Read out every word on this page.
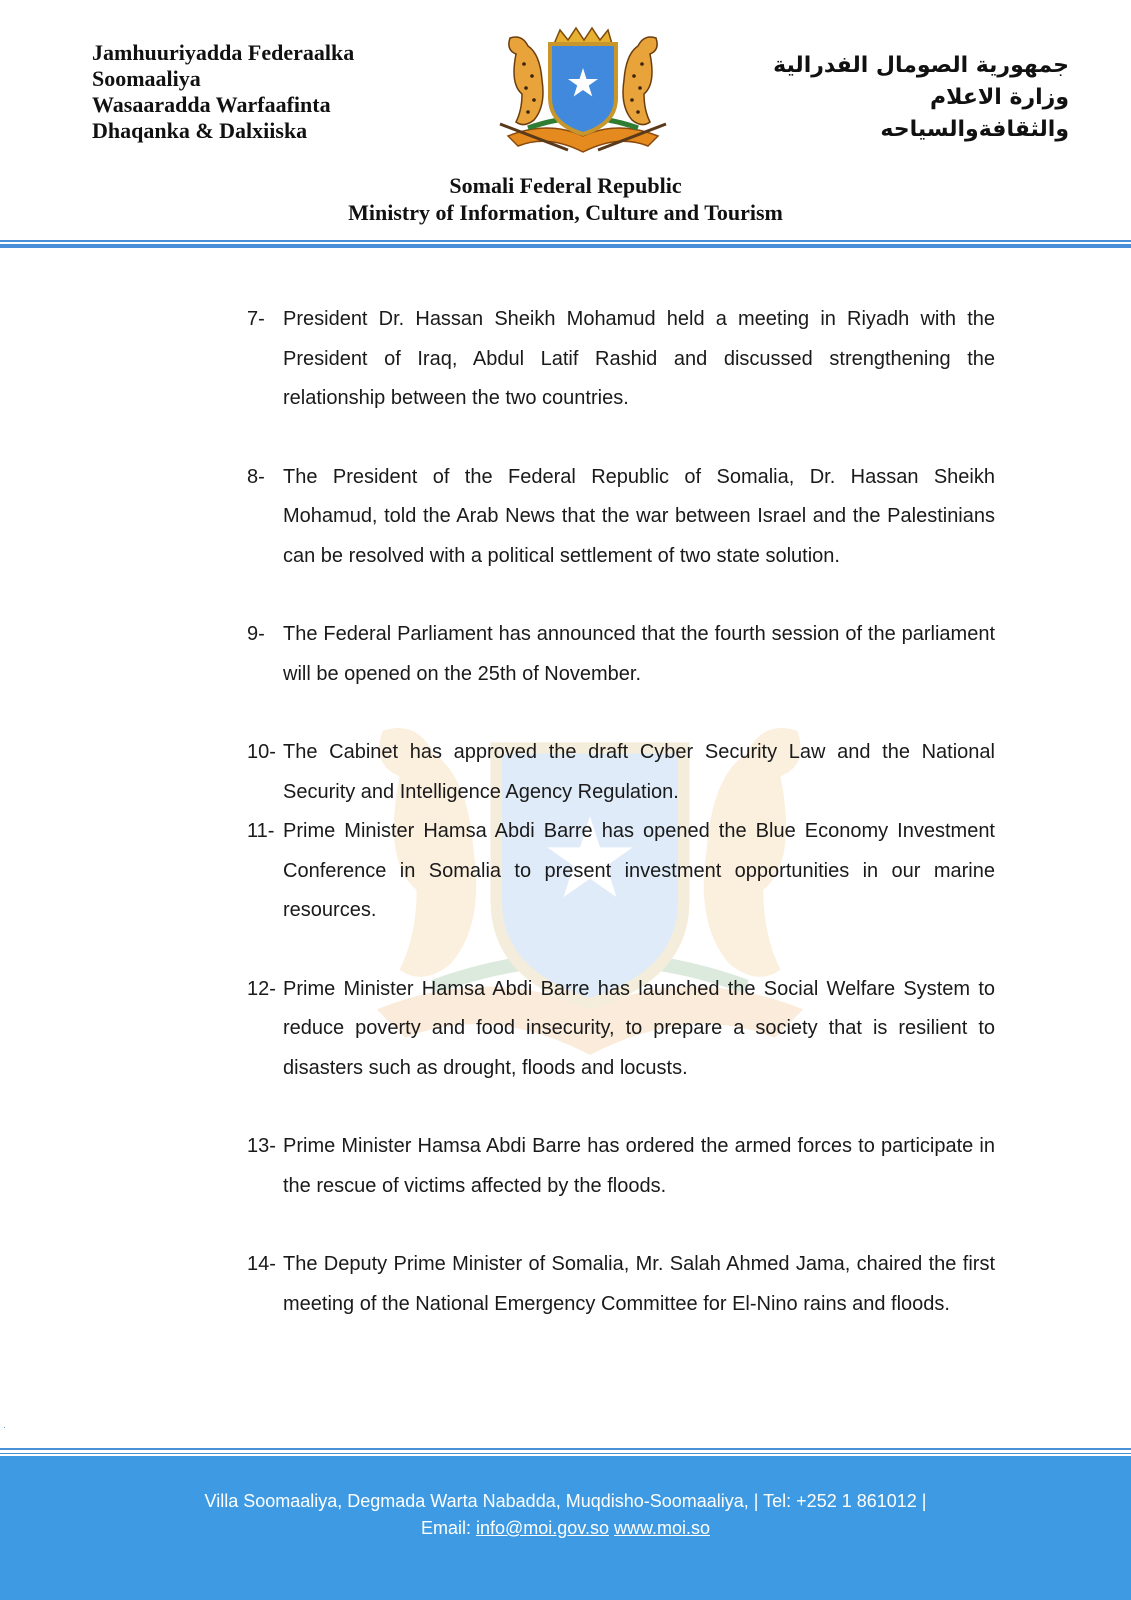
Jamhuuriyadda Federaalka
Soomaaliya
Wasaaradda Warfaafinta
Dhaqanka & Dalxiiska
جمهورية الصومال الفدرالية
وزارة الاعلام
والثقافةوالسياحه
Somali Federal Republic
Ministry of Information, Culture and Tourism
7- President Dr. Hassan Sheikh Mohamud held a meeting in Riyadh with the President of Iraq, Abdul Latif Rashid and discussed strengthening the relationship between the two countries.
8- The President of the Federal Republic of Somalia, Dr. Hassan Sheikh Mohamud, told the Arab News that the war between Israel and the Palestinians can be resolved with a political settlement of two state solution.
9- The Federal Parliament has announced that the fourth session of the parliament will be opened on the 25th of November.
10- The Cabinet has approved the draft Cyber Security Law and the National Security and Intelligence Agency Regulation.
11- Prime Minister Hamsa Abdi Barre has opened the Blue Economy Investment Conference in Somalia to present investment opportunities in our marine resources.
12- Prime Minister Hamsa Abdi Barre has launched the Social Welfare System to reduce poverty and food insecurity, to prepare a society that is resilient to disasters such as drought, floods and locusts.
13- Prime Minister Hamsa Abdi Barre has ordered the armed forces to participate in the rescue of victims affected by the floods.
14- The Deputy Prime Minister of Somalia, Mr. Salah Ahmed Jama, chaired the first meeting of the National Emergency Committee for El-Nino rains and floods.
.
Villa Soomaaliya, Degmada Warta Nabadda, Muqdisho-Soomaaliya, | Tel: +252 1 861012 |
Email: info@moi.gov.so www.moi.so
